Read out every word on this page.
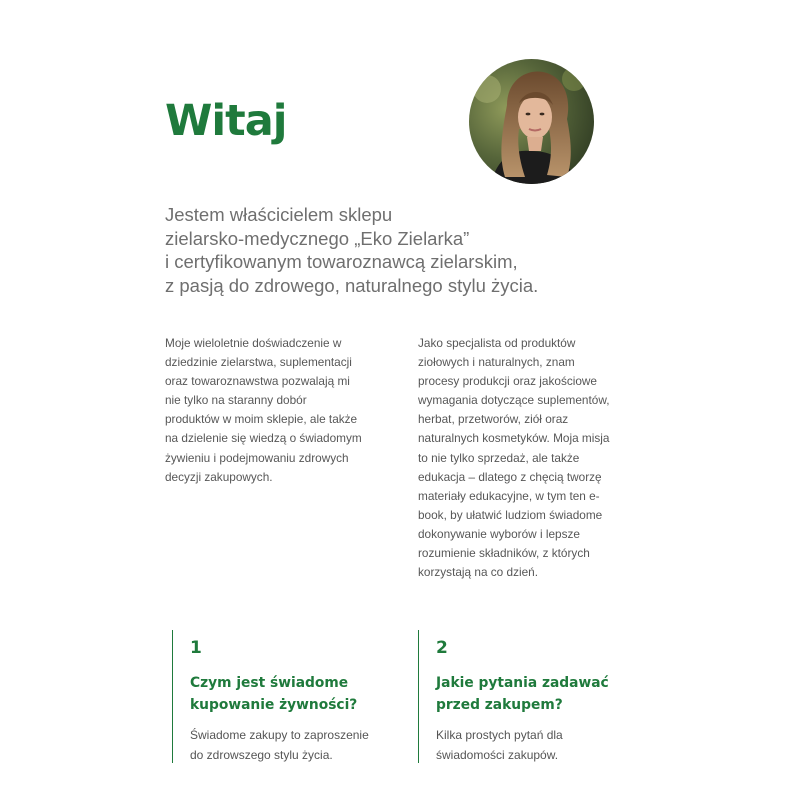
Witaj
Jestem właścicielem sklepu
zielarsko-medycznego „Eko Zielarka”
i certyfikowanym towaroznawcą zielarskim,
z pasją do zdrowego, naturalnego stylu życia.
Moje wieloletnie doświadczenie w
dziedzinie zielarstwa, suplementacji
oraz towaroznawstwa pozwalają mi
nie tylko na staranny dobór
produktów w moim sklepie, ale także
na dzielenie się wiedzą o świadomym
żywieniu i podejmowaniu zdrowych
decyzji zakupowych.
Jako specjalista od produktów
ziołowych i naturalnych, znam
procesy produkcji oraz jakościowe
wymagania dotyczące suplementów,
herbat, przetworów, ziół oraz
naturalnych kosmetyków. Moja misja
to nie tylko sprzedaż, ale także
edukacja – dlatego z chęcią tworzę
materiały edukacyjne, w tym ten e-
book, by ułatwić ludziom świadome
dokonywanie wyborów i lepsze
rozumienie składników, z których
korzystają na co dzień.
1
Czym jest świadome
kupowanie żywności?
Świadome zakupy to zaproszenie
do zdrowszego stylu życia.
2
Jakie pytania zadawać
przed zakupem?
Kilka prostych pytań dla
świadomości zakupów.
